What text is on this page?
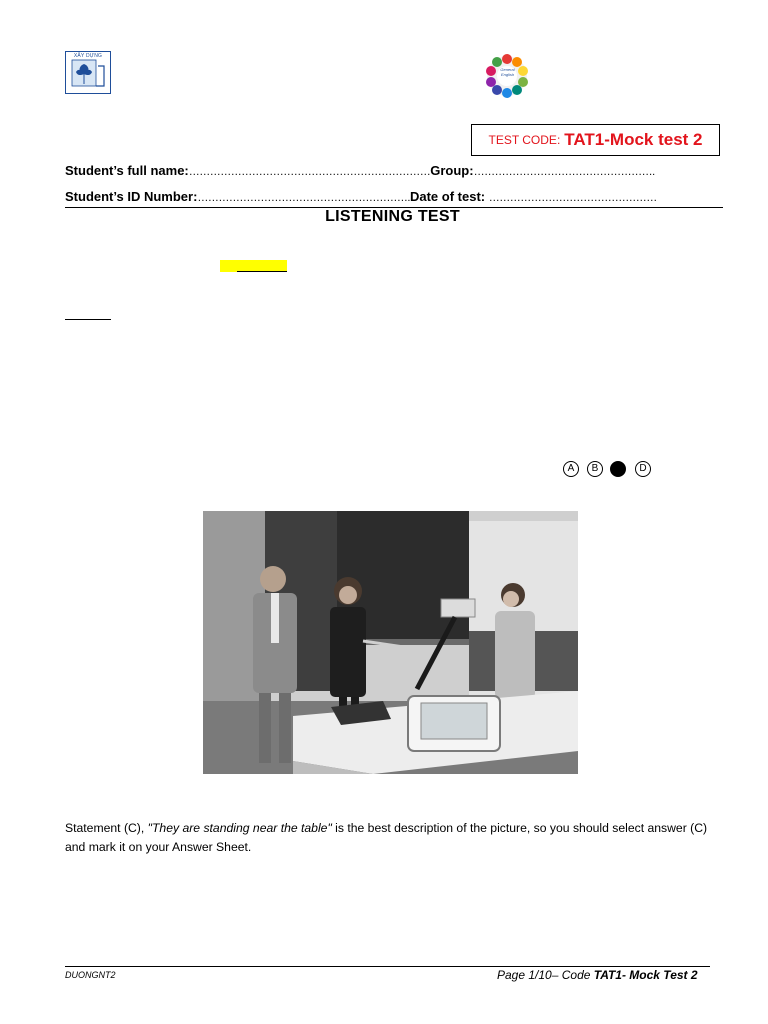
XÂY DỰNG
General English
TEST CODE: TAT1-Mock test 2
Student’s full name:……………………………………………………………Group:…………………………………………….
Student’s ID Number:…………………………………………………….Date of test: …………………………………………
LISTENING TEST
A	B	C	D
Statement (C), "They are standing near the table" is the best description of the picture, so you should select answer (C) and mark it on your Answer Sheet.
DUONGNT2	Page 1/10– Code TAT1- Mock Test 2
